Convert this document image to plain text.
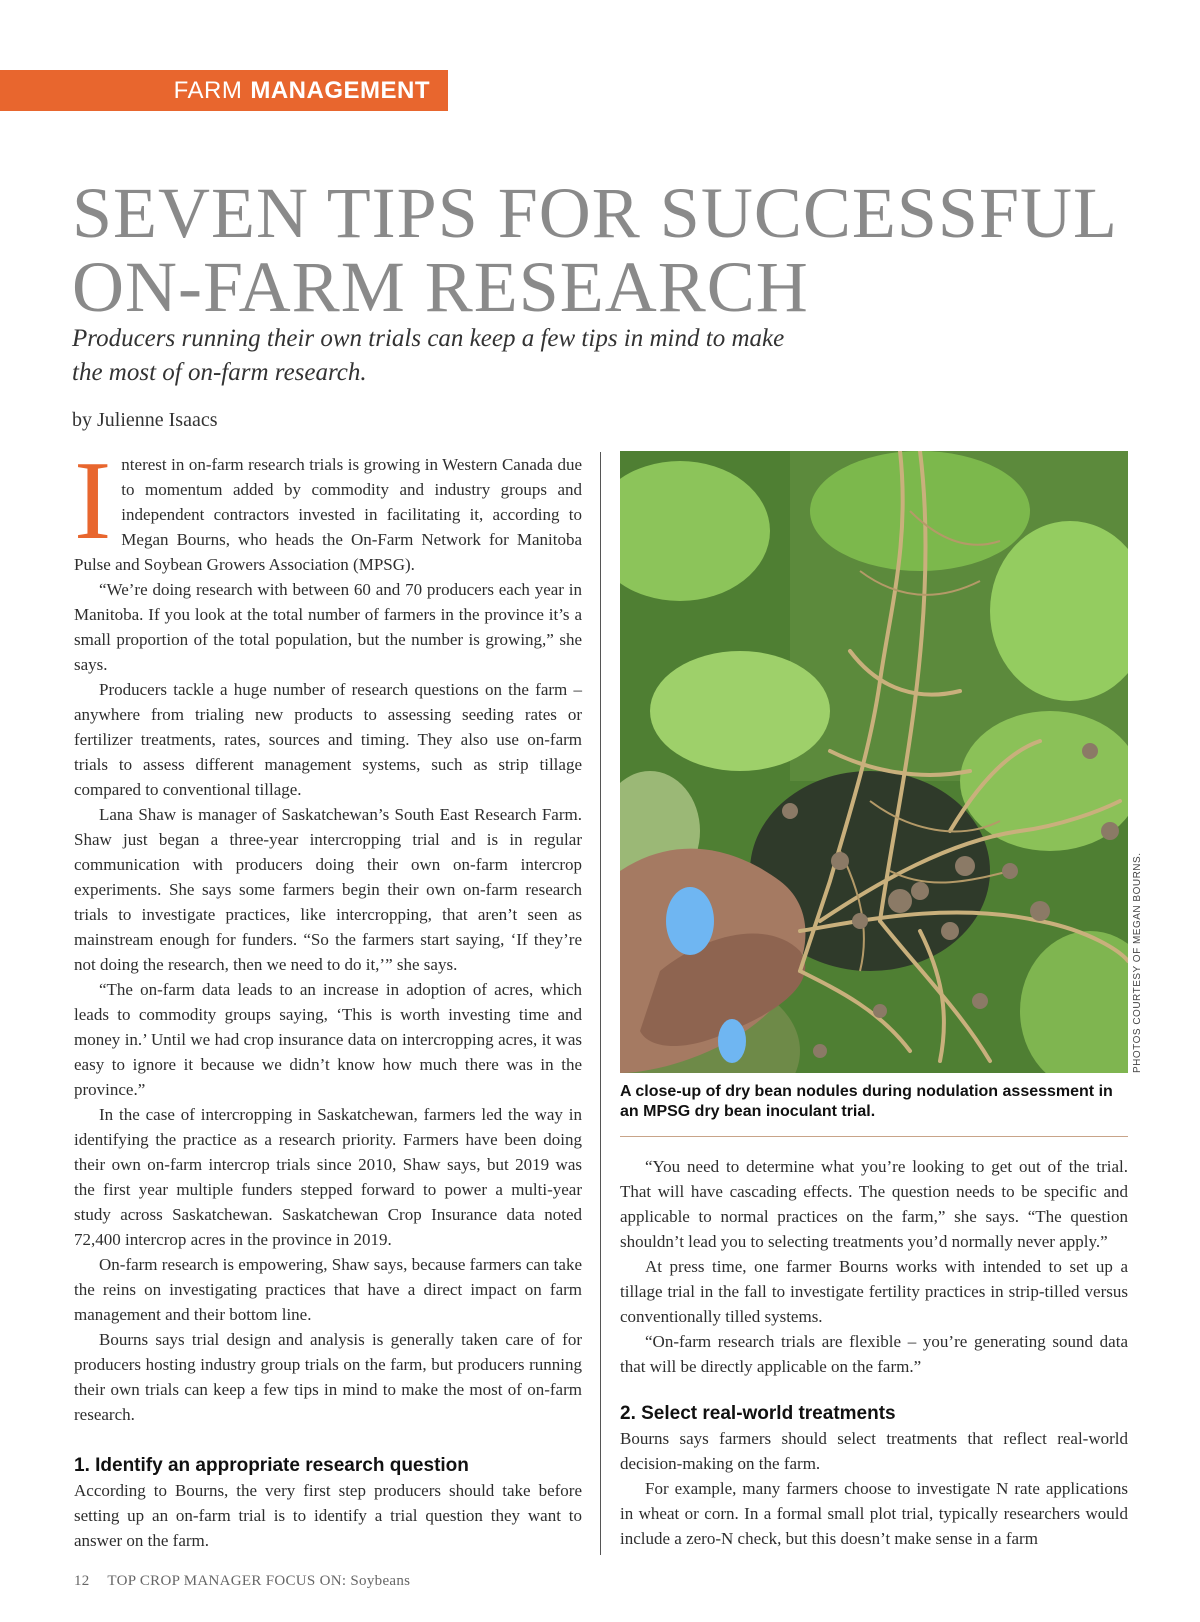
FARM MANAGEMENT
SEVEN TIPS FOR SUCCESSFUL
ON-FARM RESEARCH

Producers running their own trials can keep a few tips in mind to make
the most of on-farm research.

by Julienne Isaacs

Interest in on-farm research trials is growing in Western Canada due to momentum added by commodity and industry groups and independent contractors invested in facilitating it, according to Megan Bourns, who heads the On-Farm Network for Manitoba Pulse and Soybean Growers Association (MPSG).

“We’re doing research with between 60 and 70 producers each year in Manitoba. If you look at the total number of farmers in the province it’s a small proportion of the total population, but the number is growing,” she says.

Producers tackle a huge number of research questions on the farm – anywhere from trialing new products to assessing seeding rates or fertilizer treatments, rates, sources and timing. They also use on-farm trials to assess different management systems, such as strip tillage compared to conventional tillage.

Lana Shaw is manager of Saskatchewan’s South East Research Farm. Shaw just began a three-year intercropping trial and is in regular communication with producers doing their own on-farm intercrop experiments. She says some farmers begin their own on-farm research trials to investigate practices, like intercropping, that aren’t seen as mainstream enough for funders. “So the farmers start saying, ‘If they’re not doing the research, then we need to do it,’” she says.

“The on-farm data leads to an increase in adoption of acres, which leads to commodity groups saying, ‘This is worth investing time and money in.’ Until we had crop insurance data on intercropping acres, it was easy to ignore it because we didn’t know how much there was in the province.”

In the case of intercropping in Saskatchewan, farmers led the way in identifying the practice as a research priority. Farmers have been doing their own on-farm intercrop trials since 2010, Shaw says, but 2019 was the first year multiple funders stepped forward to power a multi-year study across Saskatchewan. Saskatchewan Crop Insurance data noted 72,400 intercrop acres in the province in 2019.

On-farm research is empowering, Shaw says, because farmers can take the reins on investigating practices that have a direct impact on farm management and their bottom line.

Bourns says trial design and analysis is generally taken care of for producers hosting industry group trials on the farm, but producers running their own trials can keep a few tips in mind to make the most of on-farm research.

1. Identify an appropriate research question

According to Bourns, the very first step producers should take before setting up an on-farm trial is to identify a trial question they want to answer on the farm.

PHOTOS COURTESY OF MEGAN BOURNS.

A close-up of dry bean nodules during nodulation assessment in an MPSG dry bean inoculant trial.

“You need to determine what you’re looking to get out of the trial. That will have cascading effects. The question needs to be specific and applicable to normal practices on the farm,” she says. “The question shouldn’t lead you to selecting treatments you’d normally never apply.”

At press time, one farmer Bourns works with intended to set up a tillage trial in the fall to investigate fertility practices in strip-tilled versus conventionally tilled systems.

“On-farm research trials are flexible – you’re generating sound data that will be directly applicable on the farm.”

2. Select real-world treatments

Bourns says farmers should select treatments that reflect real-world decision-making on the farm.

For example, many farmers choose to investigate N rate applications in wheat or corn. In a formal small plot trial, typically researchers would include a zero-N check, but this doesn’t make sense in a farm

12 TOP CROP MANAGER FOCUS ON: Soybeans
